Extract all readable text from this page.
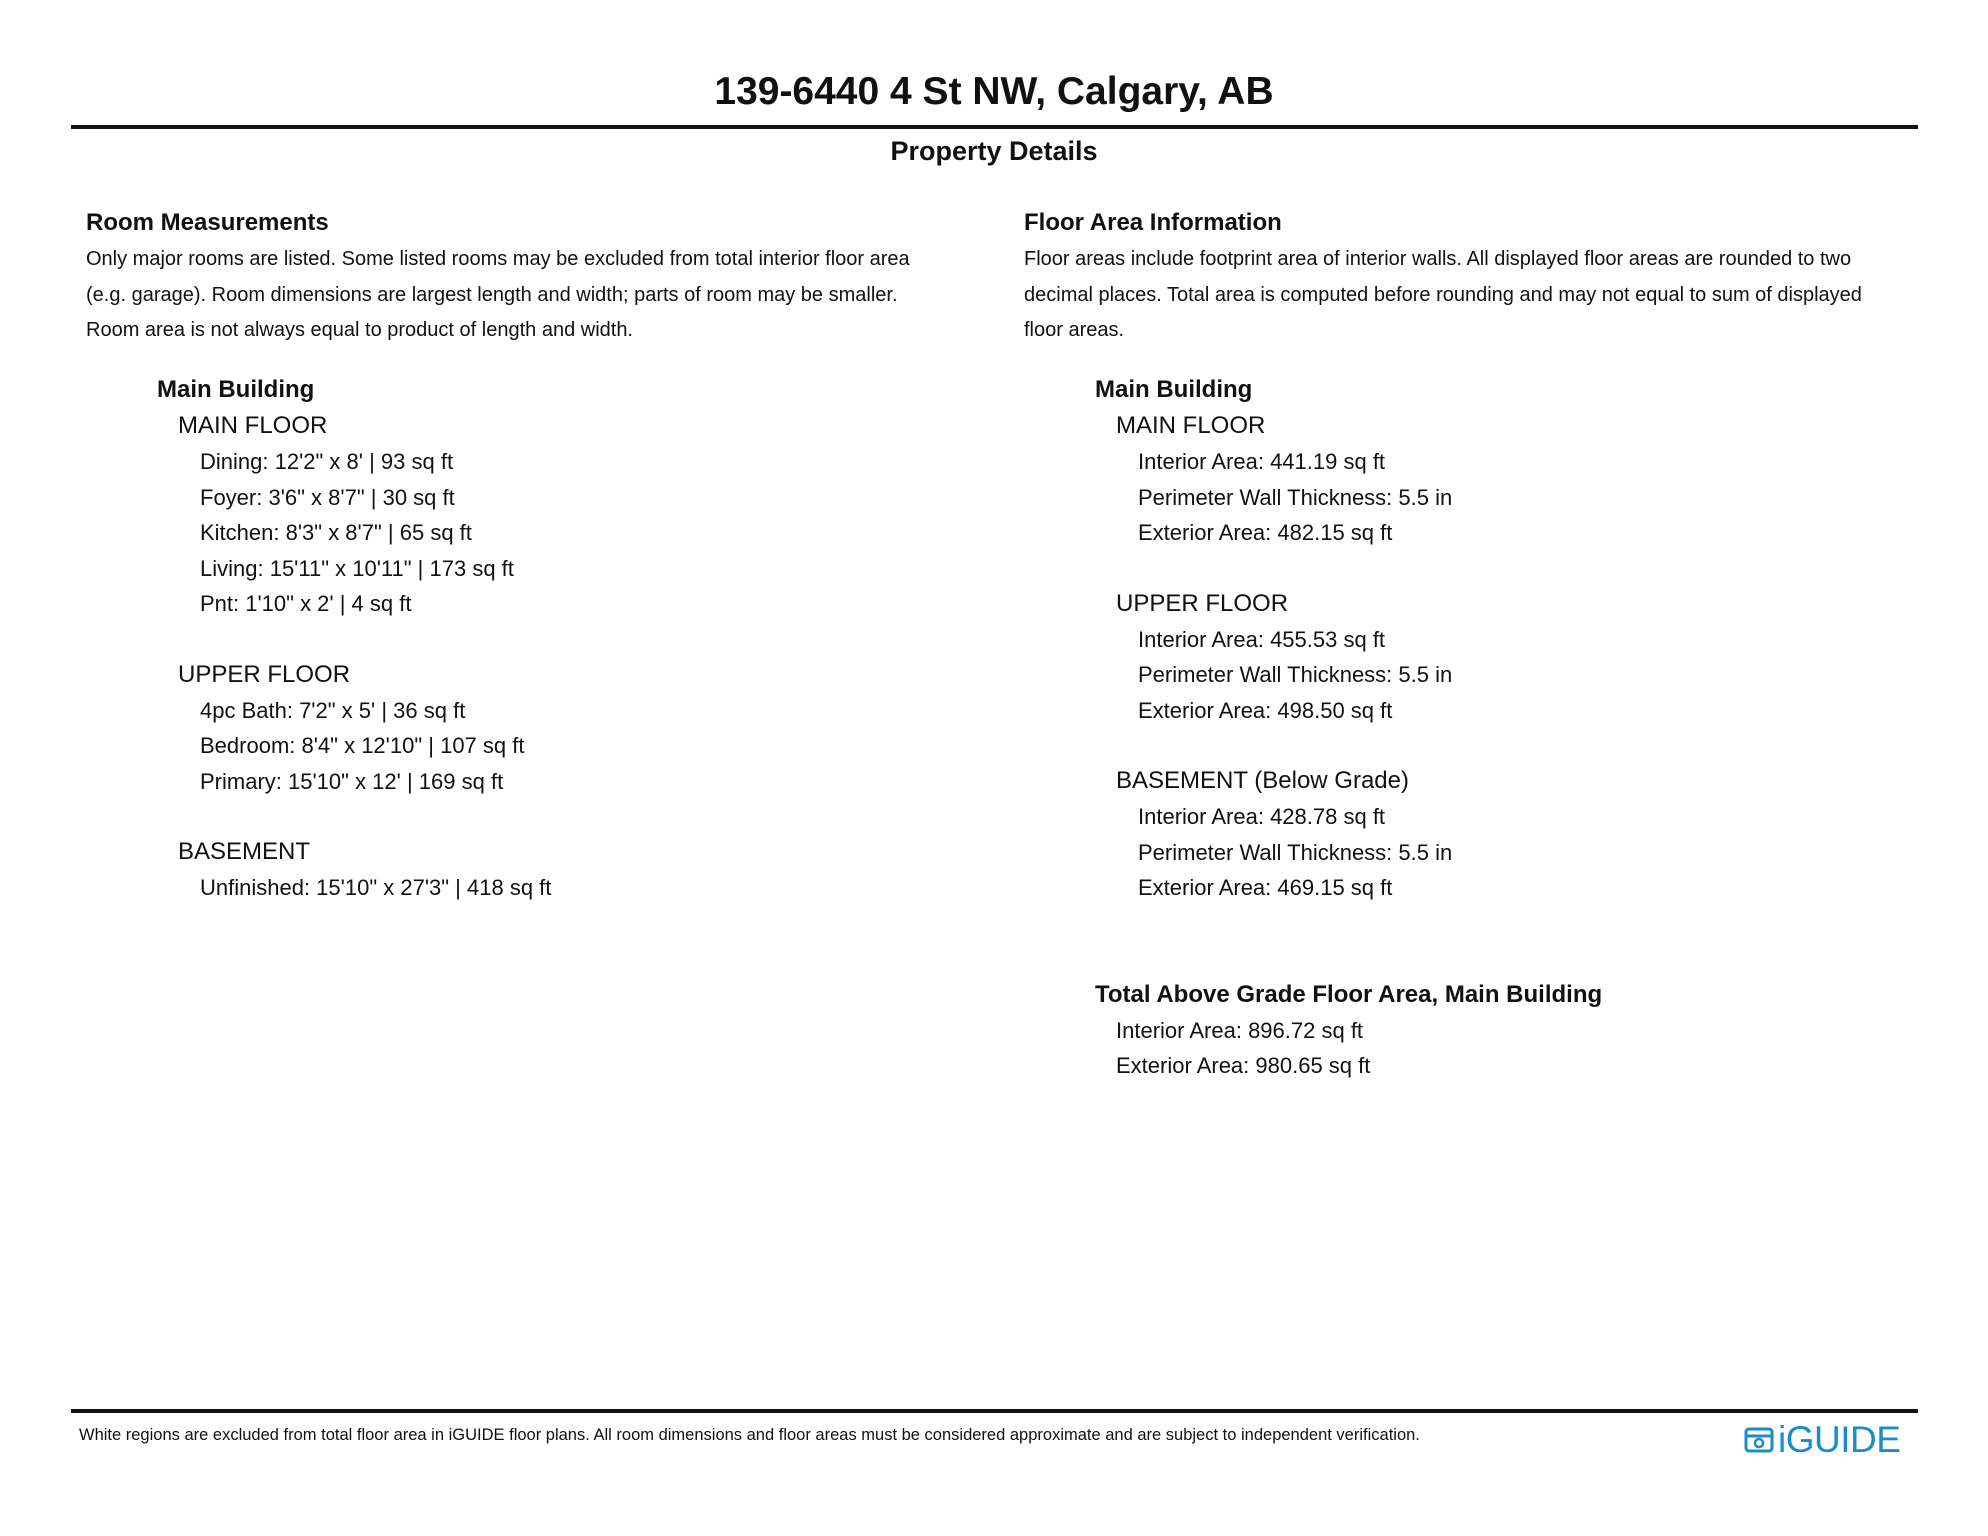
139-6440 4 St NW, Calgary, AB
Property Details
Room Measurements
Only major rooms are listed. Some listed rooms may be excluded from total interior floor area
(e.g. garage). Room dimensions are largest length and width; parts of room may be smaller.
Room area is not always equal to product of length and width.
Main Building
MAIN FLOOR
Dining: 12'2" x 8' | 93 sq ft
Foyer: 3'6" x 8'7" | 30 sq ft
Kitchen: 8'3" x 8'7" | 65 sq ft
Living: 15'11" x 10'11" | 173 sq ft
Pnt: 1'10" x 2' | 4 sq ft
UPPER FLOOR
4pc Bath: 7'2" x 5' | 36 sq ft
Bedroom: 8'4" x 12'10" | 107 sq ft
Primary: 15'10" x 12' | 169 sq ft
BASEMENT
Unfinished: 15'10" x 27'3" | 418 sq ft
Floor Area Information
Floor areas include footprint area of interior walls. All displayed floor areas are rounded to two
decimal places. Total area is computed before rounding and may not equal to sum of displayed
floor areas.
Main Building
MAIN FLOOR
Interior Area: 441.19 sq ft
Perimeter Wall Thickness: 5.5 in
Exterior Area: 482.15 sq ft
UPPER FLOOR
Interior Area: 455.53 sq ft
Perimeter Wall Thickness: 5.5 in
Exterior Area: 498.50 sq ft
BASEMENT (Below Grade)
Interior Area: 428.78 sq ft
Perimeter Wall Thickness: 5.5 in
Exterior Area: 469.15 sq ft
Total Above Grade Floor Area, Main Building
Interior Area: 896.72 sq ft
Exterior Area: 980.65 sq ft
White regions are excluded from total floor area in iGUIDE floor plans. All room dimensions and floor areas must be considered approximate and are subject to independent verification.	iGUIDE
